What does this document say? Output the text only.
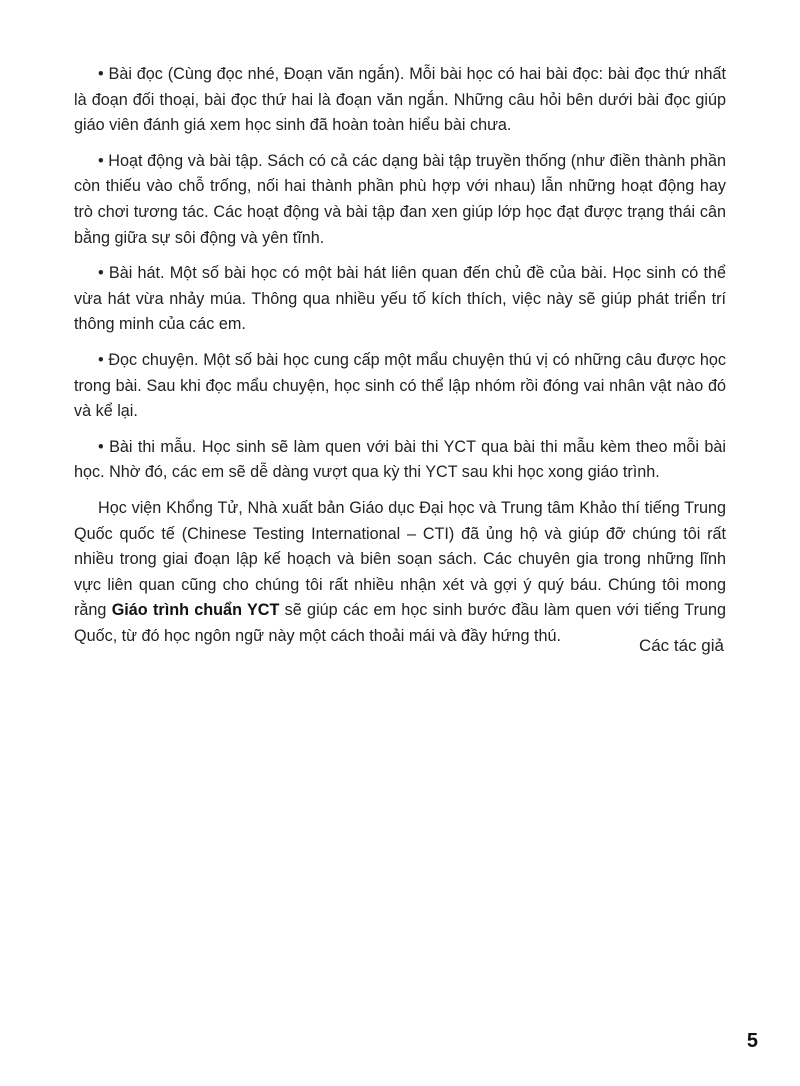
• Bài đọc (Cùng đọc nhé, Đoạn văn ngắn). Mỗi bài học có hai bài đọc: bài đọc thứ nhất là đoạn đối thoại, bài đọc thứ hai là đoạn văn ngắn. Những câu hỏi bên dưới bài đọc giúp giáo viên đánh giá xem học sinh đã hoàn toàn hiểu bài chưa.

• Hoạt động và bài tập. Sách có cả các dạng bài tập truyền thống (như điền thành phần còn thiếu vào chỗ trống, nối hai thành phần phù hợp với nhau) lẫn những hoạt động hay trò chơi tương tác. Các hoạt động và bài tập đan xen giúp lớp học đạt được trạng thái cân bằng giữa sự sôi động và yên tĩnh.

• Bài hát. Một số bài học có một bài hát liên quan đến chủ đề của bài. Học sinh có thể vừa hát vừa nhảy múa. Thông qua nhiều yếu tố kích thích, việc này sẽ giúp phát triển trí thông minh của các em.

• Đọc chuyện. Một số bài học cung cấp một mẩu chuyện thú vị có những câu được học trong bài. Sau khi đọc mẩu chuyện, học sinh có thể lập nhóm rồi đóng vai nhân vật nào đó và kể lại.

• Bài thi mẫu. Học sinh sẽ làm quen với bài thi YCT qua bài thi mẫu kèm theo mỗi bài học. Nhờ đó, các em sẽ dễ dàng vượt qua kỳ thi YCT sau khi học xong giáo trình.

Học viện Khổng Tử, Nhà xuất bản Giáo dục Đại học và Trung tâm Khảo thí tiếng Trung Quốc quốc tế (Chinese Testing International – CTI) đã ủng hộ và giúp đỡ chúng tôi rất nhiều trong giai đoạn lập kế hoạch và biên soạn sách. Các chuyên gia trong những lĩnh vực liên quan cũng cho chúng tôi rất nhiều nhận xét và gợi ý quý báu. Chúng tôi mong rằng Giáo trình chuẩn YCT sẽ giúp các em học sinh bước đầu làm quen với tiếng Trung Quốc, từ đó học ngôn ngữ này một cách thoải mái và đầy hứng thú.

Các tác giả
5
